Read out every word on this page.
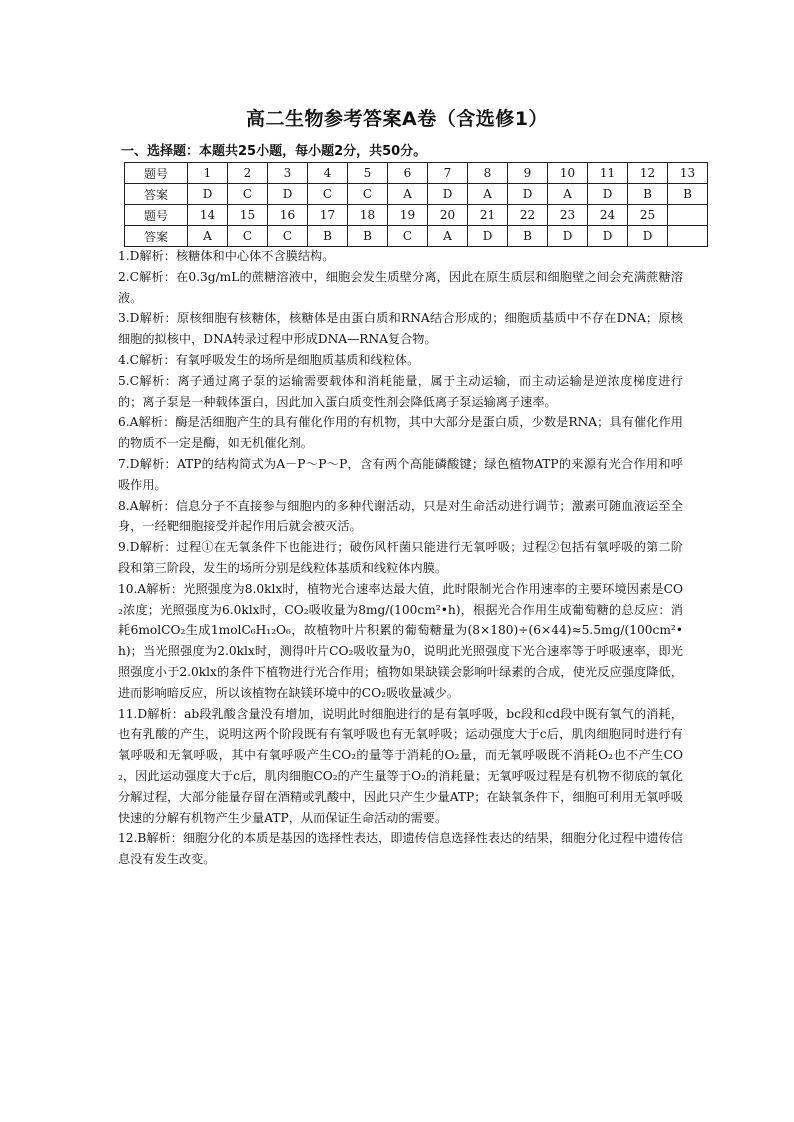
高二生物参考答案A卷（含选修1）
一、选择题：本题共25小题，每小题2分，共50分。
题号	1	2	3	4	5	6	7	8	9	10	11	12	13
答案	D	C	D	C	C	A	D	A	D	A	D	B	B
题号	14	15	16	17	18	19	20	21	22	23	24	25	
答案	A	C	C	B	B	C	A	D	B	D	D	D	

1.D解析：核糖体和中心体不含膜结构。

2.C解析：在0.3g/mL的蔗糖溶液中，细胞会发生质壁分离，因此在原生质层和细胞壁之间会充满蔗糖溶液。

3.D解析：原核细胞有核糖体，核糖体是由蛋白质和RNA结合形成的；细胞质基质中不存在DNA；原核细胞的拟核中，DNA转录过程中形成DNA—RNA复合物。

4.C解析：有氧呼吸发生的场所是细胞质基质和线粒体。

5.C解析：离子通过离子泵的运输需要载体和消耗能量，属于主动运输，而主动运输是逆浓度梯度进行的；离子泵是一种载体蛋白，因此加入蛋白质变性剂会降低离子泵运输离子速率。

6.A解析：酶是活细胞产生的具有催化作用的有机物，其中大部分是蛋白质，少数是RNA；具有催化作用的物质不一定是酶，如无机催化剂。

7.D解析：ATP的结构简式为A－P～P～P，含有两个高能磷酸键；绿色植物ATP的来源有光合作用和呼吸作用。

8.A解析：信息分子不直接参与细胞内的多种代谢活动，只是对生命活动进行调节；激素可随血液运至全身，一经靶细胞接受并起作用后就会被灭活。

9.D解析：过程①在无氧条件下也能进行；破伤风杆菌只能进行无氧呼吸；过程②包括有氧呼吸的第二阶段和第三阶段，发生的场所分别是线粒体基质和线粒体内膜。

10.A解析：光照强度为8.0klx时，植物光合速率达最大值，此时限制光合作用速率的主要环境因素是CO₂浓度；光照强度为6.0klx时，CO₂吸收量为8mg/(100cm²•h)，根据光合作用生成葡萄糖的总反应：消耗6molCO₂生成1molC₆H₁₂O₆，故植物叶片积累的葡萄糖量为(8×180)÷(6×44)≈5.5mg/(100cm²•h)；当光照强度为2.0klx时，测得叶片CO₂吸收量为0，说明此光照强度下光合速率等于呼吸速率，即光照强度小于2.0klx的条件下植物进行光合作用；植物如果缺镁会影响叶绿素的合成，使光反应强度降低，进而影响暗反应，所以该植物在缺镁环境中的CO₂吸收量减少。

11.D解析：ab段乳酸含量没有增加，说明此时细胞进行的是有氧呼吸，bc段和cd段中既有氧气的消耗，也有乳酸的产生，说明这两个阶段既有有氧呼吸也有无氧呼吸；运动强度大于c后，肌肉细胞同时进行有氧呼吸和无氧呼吸，其中有氧呼吸产生CO₂的量等于消耗的O₂量，而无氧呼吸既不消耗O₂也不产生CO₂，因此运动强度大于c后，肌肉细胞CO₂的产生量等于O₂的消耗量；无氧呼吸过程是有机物不彻底的氧化分解过程，大部分能量存留在酒精或乳酸中，因此只产生少量ATP；在缺氧条件下，细胞可利用无氧呼吸快速的分解有机物产生少量ATP，从而保证生命活动的需要。

12.B解析：细胞分化的本质是基因的选择性表达，即遗传信息选择性表达的结果，细胞分化过程中遗传信息没有发生改变。
